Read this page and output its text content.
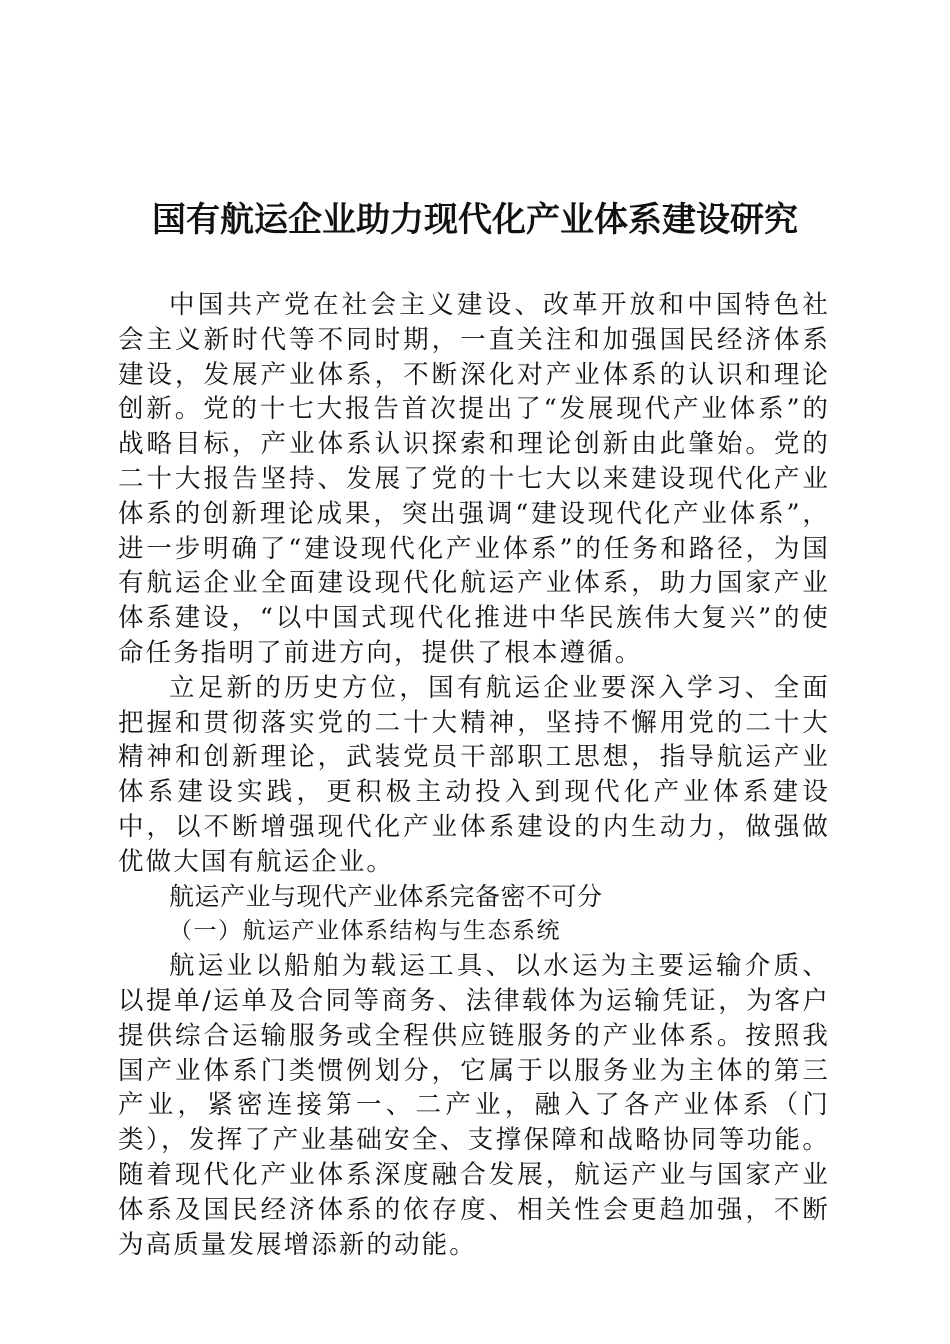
国有航运企业助力现代化产业体系建设研究

中国共产党在社会主义建设、改革开放和中国特色社会主义新时代等不同时期，一直关注和加强国民经济体系建设，发展产业体系，不断深化对产业体系的认识和理论创新。党的十七大报告首次提出了“发展现代产业体系”的战略目标，产业体系认识探索和理论创新由此肇始。党的二十大报告坚持、发展了党的十七大以来建设现代化产业体系的创新理论成果，突出强调“建设现代化产业体系”，进一步明确了“建设现代化产业体系”的任务和路径，为国有航运企业全面建设现代化航运产业体系，助力国家产业体系建设，“以中国式现代化推进中华民族伟大复兴”的使命任务指明了前进方向，提供了根本遵循。

立足新的历史方位，国有航运企业要深入学习、全面把握和贯彻落实党的二十大精神，坚持不懈用党的二十大精神和创新理论，武装党员干部职工思想，指导航运产业体系建设实践，更积极主动投入到现代化产业体系建设中，以不断增强现代化产业体系建设的内生动力，做强做优做大国有航运企业。

航运产业与现代产业体系完备密不可分

（一）航运产业体系结构与生态系统

航运业以船舶为载运工具、以水运为主要运输介质、以提单/运单及合同等商务、法律载体为运输凭证，为客户提供综合运输服务或全程供应链服务的产业体系。按照我国产业体系门类惯例划分，它属于以服务业为主体的第三产业，紧密连接第一、二产业，融入了各产业体系（门类），发挥了产业基础安全、支撑保障和战略协同等功能。随着现代化产业体系深度融合发展，航运产业与国家产业体系及国民经济体系的依存度、相关性会更趋加强，不断为高质量发展增添新的动能。
